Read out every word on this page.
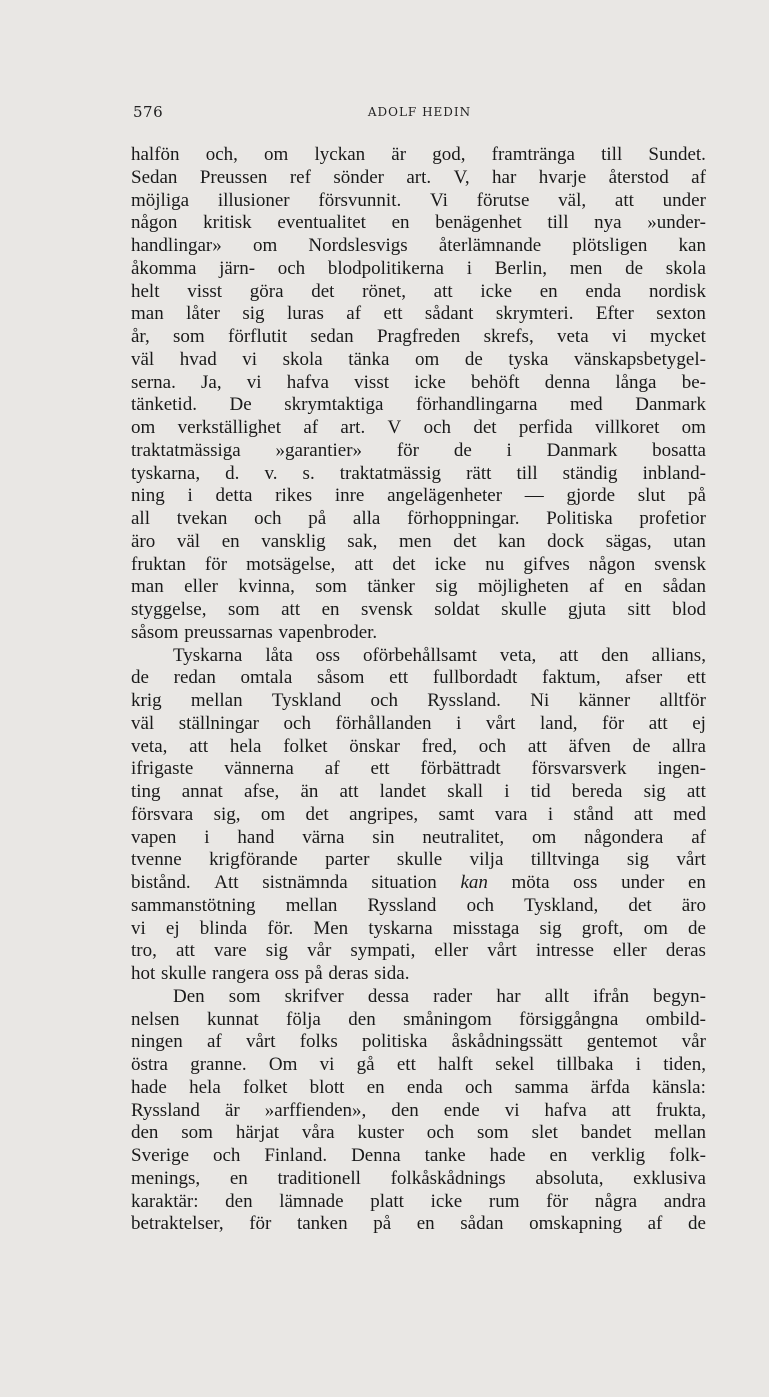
576	ADOLF HEDIN
halfön och, om lyckan är god, framtränga till Sundet.
Sedan Preussen ref sönder art. V, har hvarje återstod af
möjliga illusioner försvunnit. Vi förutse väl, att under
någon kritisk eventualitet en benägenhet till nya »under-
handlingar» om Nordslesvigs återlämnande plötsligen kan
åkomma järn- och blodpolitikerna i Berlin, men de skola
helt visst göra det rönet, att icke en enda nordisk
man låter sig luras af ett sådant skrymteri. Efter sexton
år, som förflutit sedan Pragfreden skrefs, veta vi mycket
väl hvad vi skola tänka om de tyska vänskapsbetygel-
serna. Ja, vi hafva visst icke behöft denna långa be-
tänketid. De skrymtaktiga förhandlingarna med Danmark
om verkställighet af art. V och det perfida villkoret om
traktatmässiga »garantier» för de i Danmark bosatta
tyskarna, d. v. s. traktatmässig rätt till ständig inbland-
ning i detta rikes inre angelägenheter — gjorde slut på
all tvekan och på alla förhoppningar. Politiska profetior
äro väl en vansklig sak, men det kan dock sägas, utan
fruktan för motsägelse, att det icke nu gifves någon svensk
man eller kvinna, som tänker sig möjligheten af en sådan
styggelse, som att en svensk soldat skulle gjuta sitt blod
såsom preussarnas vapenbroder.
Tyskarna låta oss oförbehållsamt veta, att den allians,
de redan omtala såsom ett fullbordadt faktum, afser ett
krig mellan Tyskland och Ryssland. Ni känner alltför
väl ställningar och förhållanden i vårt land, för att ej
veta, att hela folket önskar fred, och att äfven de allra
ifrigaste vännerna af ett förbättradt försvarsverk ingen-
ting annat afse, än att landet skall i tid bereda sig att
försvara sig, om det angripes, samt vara i stånd att med
vapen i hand värna sin neutralitet, om någondera af
tvenne krigförande parter skulle vilja tilltvinga sig vårt
bistånd. Att sistnämnda situation kan möta oss under en
sammanstötning mellan Ryssland och Tyskland, det äro
vi ej blinda för. Men tyskarna misstaga sig groft, om de
tro, att vare sig vår sympati, eller vårt intresse eller deras
hot skulle rangera oss på deras sida.
Den som skrifver dessa rader har allt ifrån begyn-
nelsen kunnat följa den småningom försiggångna ombild-
ningen af vårt folks politiska åskådningssätt gentemot vår
östra granne. Om vi gå ett halft sekel tillbaka i tiden,
hade hela folket blott en enda och samma ärfda känsla:
Ryssland är »arffienden», den ende vi hafva att frukta,
den som härjat våra kuster och som slet bandet mellan
Sverige och Finland. Denna tanke hade en verklig folk-
menings, en traditionell folkåskådnings absoluta, exklusiva
karaktär: den lämnade platt icke rum för några andra
betraktelser, för tanken på en sådan omskapning af de
